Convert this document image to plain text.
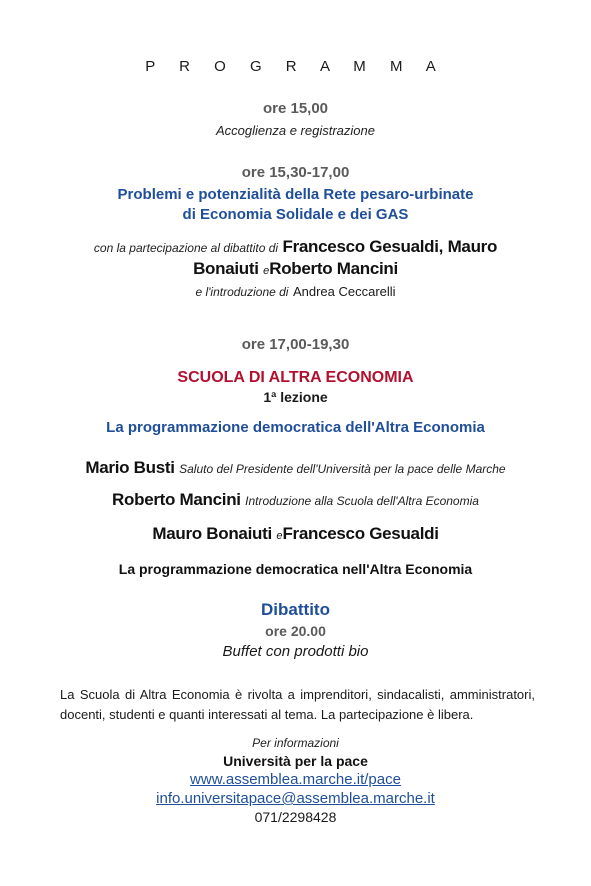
P R O G R A M M A
ore 15,00
Accoglienza e registrazione
ore 15,30-17,00
Problemi e potenzialità della Rete pesaro-urbinate
di Economia Solidale e dei GAS
con la partecipazione al dibattito di Francesco Gesualdi, Mauro
Bonaiuti eRoberto Mancini
e l'introduzione di Andrea Ceccarelli
ore 17,00-19,30
SCUOLA DI ALTRA ECONOMIA
1ª lezione
La programmazione democratica dell'Altra Economia
Mario Busti Saluto del Presidente dell'Università per la pace delle Marche
Roberto Mancini Introduzione alla Scuola dell'Altra Economia
Mauro Bonaiuti eFrancesco Gesualdi
La programmazione democratica nell'Altra Economia
Dibattito
ore 20.00
Buffet con prodotti bio
La Scuola di Altra Economia è rivolta a imprenditori, sindacalisti, amministratori, docenti, studenti e quanti interessati al tema. La partecipazione è libera.
Per informazioni
Università per la pace
www.assemblea.marche.it/pace
info.universitapace@assemblea.marche.it
071/2298428
